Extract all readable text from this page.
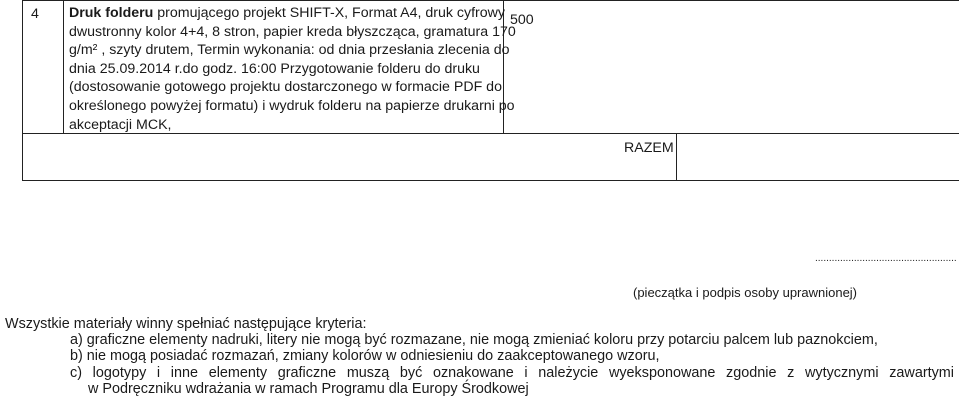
4 Druk folderu promującego projekt SHIFT-X, Format A4, druk cyfrowy
dwustronny kolor 4+4, 8 stron, papier kreda błyszcząca, gramatura 170
g/m² , szyty drutem, Termin wykonania: od dnia przesłania zlecenia do
dnia 25.09.2014 r.do godz. 16:00 Przygotowanie folderu do druku
(dostosowanie gotowego projektu dostarczonego w formacie PDF do
określonego powyżej formatu) i wydruk folderu na papierze drukarni po
akceptacji MCK,
500
RAZEM
...................................................
(pieczątka i podpis osoby uprawnionej)
Wszystkie materiały winny spełniać następujące kryteria:
a) graficzne elementy nadruki, litery nie mogą być rozmazane, nie mogą zmieniać koloru przy potarciu palcem lub paznokciem,
b) nie mogą posiadać rozmazań, zmiany kolorów w odniesieniu do zaakceptowanego wzoru,
c) logotypy i inne elementy graficzne muszą być oznakowane i należycie wyeksponowane zgodnie z wytycznymi zawartymi
w Podręczniku wdrażania w ramach Programu dla Europy Środkowej
